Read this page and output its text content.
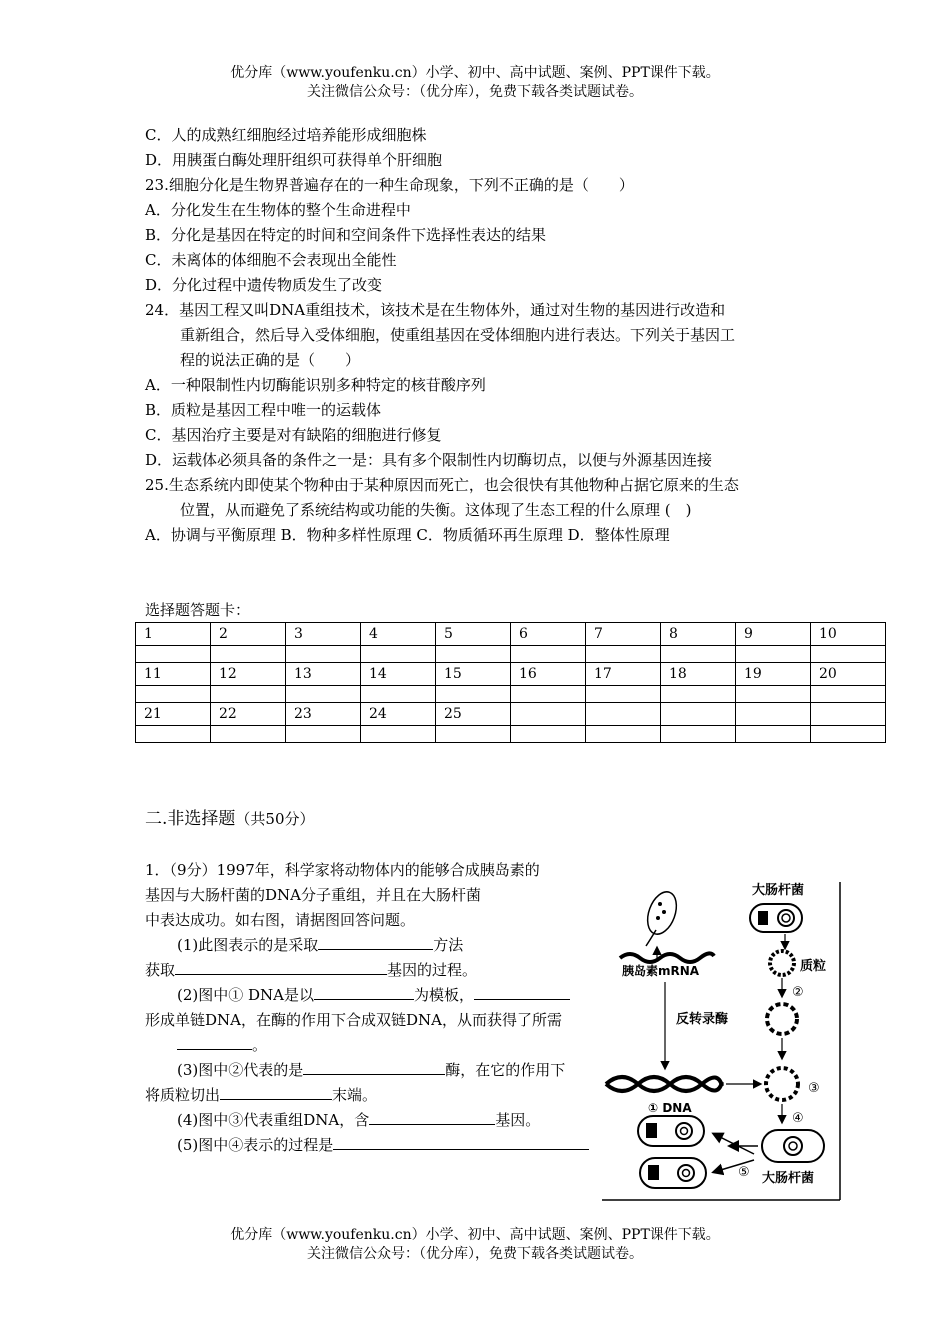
优分库（www.youfenku.cn）小学、初中、高中试题、案例、PPT课件下载。
关注微信公众号：（优分库），免费下载各类试题试卷。
C．人的成熟红细胞经过培养能形成细胞株
D．用胰蛋白酶处理肝组织可获得单个肝细胞
23.细胞分化是生物界普遍存在的一种生命现象，下列不正确的是（　　）
A．分化发生在生物体的整个生命进程中
B．分化是基因在特定的时间和空间条件下选择性表达的结果
C．未离体的体细胞不会表现出全能性
D．分化过程中遗传物质发生了改变
24．基因工程又叫DNA重组技术，该技术是在生物体外，通过对生物的基因进行改造和
重新组合，然后导入受体细胞，使重组基因在受体细胞内进行表达。下列关于基因工
程的说法正确的是（　　）
A．一种限制性内切酶能识别多种特定的核苷酸序列
B．质粒是基因工程中唯一的运载体
C．基因治疗主要是对有缺陷的细胞进行修复
D．运载体必须具备的条件之一是：具有多个限制性内切酶切点，以便与外源基因连接
25.生态系统内即使某个物种由于某种原因而死亡，也会很快有其他物种占据它原来的生态
位置，从而避免了系统结构或功能的失衡。这体现了生态工程的什么原理 (　)
A．协调与平衡原理 B．物种多样性原理 C．物质循环再生原理 D．整体性原理
选择题答题卡：
1	2	3	4	5	6	7	8	9	10

11	12	13	14	15	16	17	18	19	20

21	22	23	24	25					

二.非选择题（共50分）
1．（9分）1997年，科学家将动物体内的能够合成胰岛素的
基因与大肠杆菌的DNA分子重组，并且在大肠杆菌
中表达成功。如右图，请据图回答问题。
(1)此图表示的是采取	方法
获取	基因的过程。
(2)图中① DNA是以	为模板，
形成单链DNA，在酶的作用下合成双链DNA，从而获得了所需
。
(3)图中②代表的是	酶，在它的作用下
将质粒切出	末端。
(4)图中③代表重组DNA，含	基因。
(5)图中④表示的过程是
胰岛素mRNA
大肠杆菌
质粒
②
反转录酶
① DNA
③
④
大肠杆菌
⑤
优分库（www.youfenku.cn）小学、初中、高中试题、案例、PPT课件下载。
关注微信公众号：（优分库），免费下载各类试题试卷。
